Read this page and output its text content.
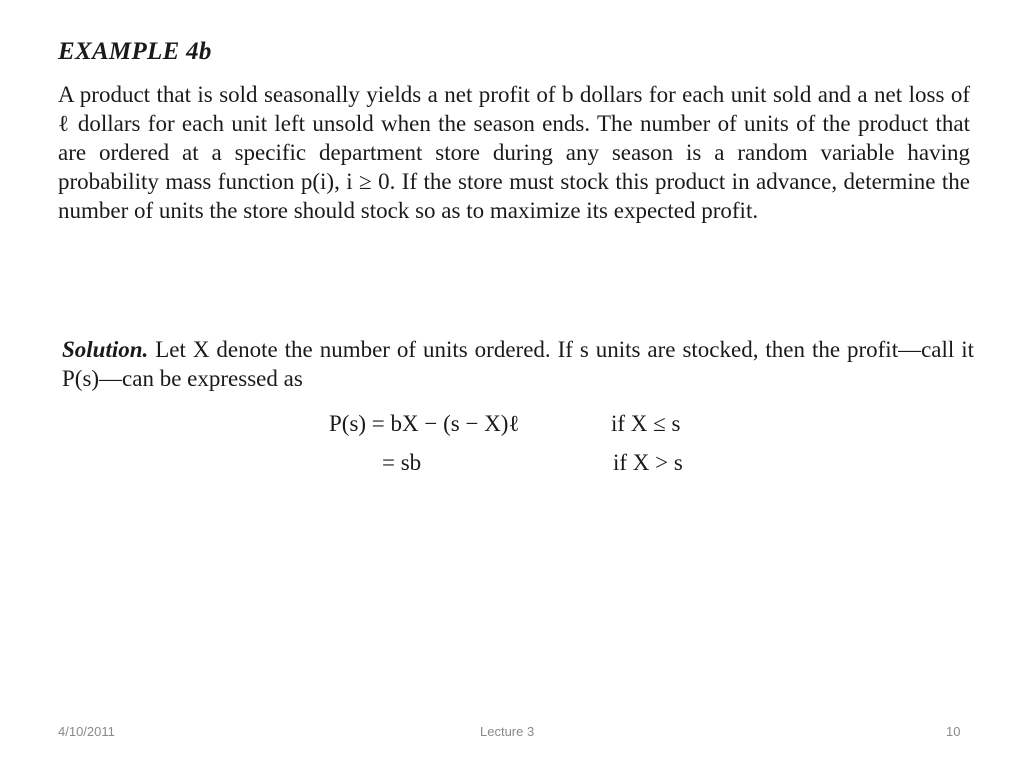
EXAMPLE 4b
A product that is sold seasonally yields a net profit of b dollars for each unit sold and a net loss of ℓ dollars for each unit left unsold when the season ends. The number of units of the product that are ordered at a specific department store during any season is a random variable having probability mass function p(i), i ≥ 0. If the store must stock this product in advance, determine the number of units the store should stock so as to maximize its expected profit.
Solution. Let X denote the number of units ordered. If s units are stocked, then the profit—call it P(s)—can be expressed as
P(s) = bX − (s − X)ℓ	if X ≤ s
= sb	if X > s
4/10/2011	Lecture 3	10
